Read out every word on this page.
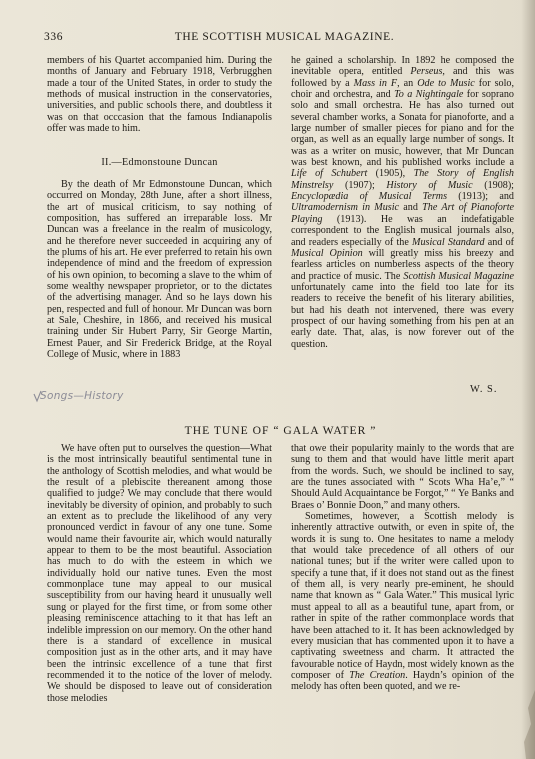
336	THE SCOTTISH MUSICAL MAGAZINE.

members of his Quartet accompanied him. During the months of January and February 1918, Verbrugghen made a tour of the United States, in order to study the methods of musical instruction in the conservatories, universities, and public schools there, and doubtless it was on that occcasion that the famous Indianapolis offer was made to him.

II.—Edmonstoune Duncan

By the death of Mr Edmonstoune Duncan, which occurred on Monday, 28th June, after a short illness, the art of musical criticism, to say nothing of composition, has suffered an irreparable loss. Mr Duncan was a freelance in the realm of musicology, and he therefore never succeeded in acquiring any of the plums of his art. He ever preferred to retain his own independence of mind and the freedom of expression of his own opinion, to becoming a slave to the whim of some wealthy newspaper proprietor, or to the dictates of the advertising manager. And so he lays down his pen, respected and full of honour. Mr Duncan was born at Sale, Cheshire, in 1866, and received his musical training under Sir Hubert Parry, Sir George Martin, Ernest Pauer, and Sir Frederick Bridge, at the Royal College of Music, where in 1883

he gained a scholarship. In 1892 he composed the inevitable opera, entitled Perseus, and this was followed by a Mass in F, an Ode to Music for solo, choir and orchestra, and To a Nightingale for soprano solo and small orchestra. He has also turned out several chamber works, a Sonata for pianoforte, and a large number of smaller pieces for piano and for the organ, as well as an equally large number of songs. It was as a writer on music, however, that Mr Duncan was best known, and his published works include a Life of Schubert (1905), The Story of English Minstrelsy (1907); History of Music (1908); Encyclopædia of Musical Terms (1913); and Ultramodernism in Music and The Art of Pianoforte Playing (1913). He was an indefatigable correspondent to the English musical journals also, and readers especially of the Musical Standard and of Musical Opinion will greatly miss his breezy and fearless articles on numberless aspects of the theory and practice of music. The Scottish Musical Magazine unfortunately came into the field too late for its readers to receive the benefit of his literary abilities, but had his death not intervened, there was every prospect of our having something from his pen at an early date. That, alas, is now forever out of the question.

W. S.
Songs—History
THE TUNE OF “ GALA WATER ”

We have often put to ourselves the question—What is the most intrinsically beautiful sentimental tune in the anthology of Scottish melodies, and what would be the result of a plebiscite thereanent among those qualified to judge? We may conclude that there would inevitably be diversity of opinion, and probably to such an extent as to preclude the likelihood of any very pronounced verdict in favour of any one tune. Some would name their favourite air, which would naturally appear to them to be the most beautiful. Association has much to do with the esteem in which we individually hold our native tunes. Even the most commonplace tune may appeal to our musical susceptibility from our having heard it unusually well sung or played for the first time, or from some other pleasing reminiscence attaching to it that has left an indelible impression on our memory. On the other hand there is a standard of excellence in musical composition just as in the other arts, and it may have been the intrinsic excellence of a tune that first recommended it to the notice of the lover of melody. We should be disposed to leave out of consideration those melodies

that owe their popularity mainly to the words that are sung to them and that would have little merit apart from the words. Such, we should be inclined to say, are the tunes associated with “ Scots Wha Ha’e,” “ Should Auld Acquaintance be Forgot,” “ Ye Banks and Braes o’ Bonnie Doon,” and many others.

Sometimes, however, a Scottish melody is inherently attractive outwith, or even in spite of, the words it is sung to. One hesitates to name a melody that would take precedence of all others of our national tunes; but if the writer were called upon to specify a tune that, if it does not stand out as the finest of them all, is very nearly pre-eminent, he should name that known as “ Gala Water.” This musical lyric must appeal to all as a beautiful tune, apart from, or rather in spite of the rather commonplace words that have been attached to it. It has been acknowledged by every musician that has commented upon it to have a captivating sweetness and charm. It attracted the favourable notice of Haydn, most widely known as the composer of The Creation. Haydn’s opinion of the melody has often been quoted, and we re-
